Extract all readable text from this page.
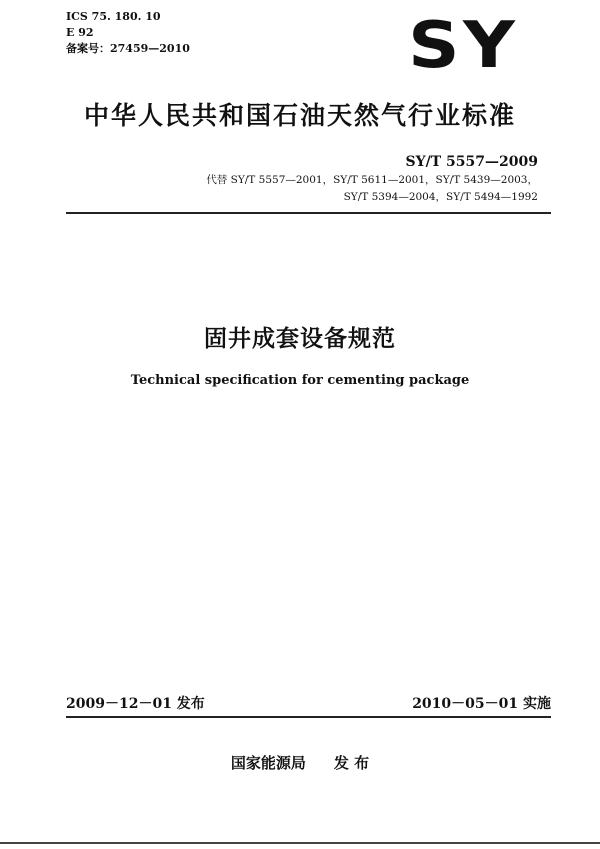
ICS 75. 180. 10
E 92
备案号：27459—2010	SY
中华人民共和国石油天然气行业标准
SY/T 5557—2009
代替 SY/T 5557—2001，SY/T 5611—2001，SY/T 5439—2003，
SY/T 5394—2004，SY/T 5494—1992
固井成套设备规范
Technical specification for cementing package
2009－12－01 发布	2010－05－01 实施
国家能源局 发 布
